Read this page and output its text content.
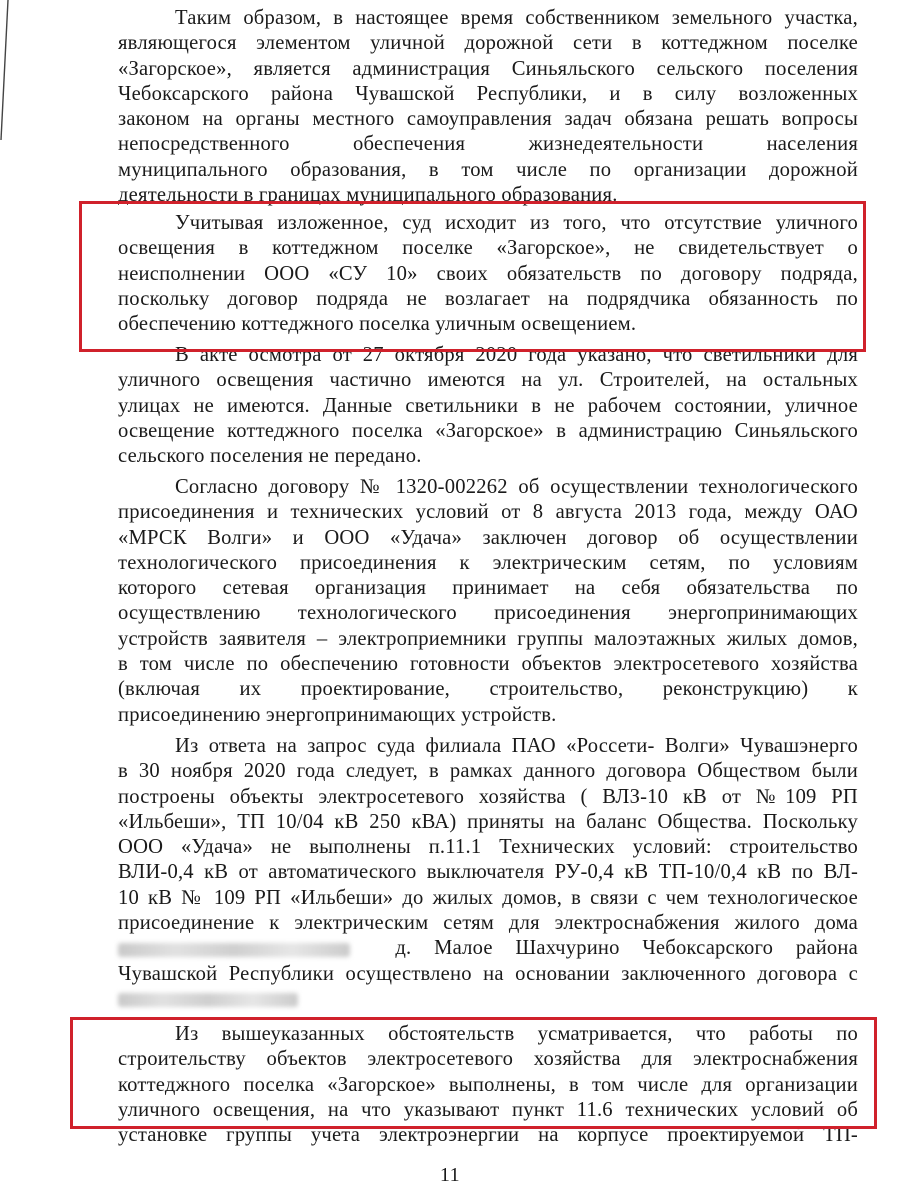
Таким образом, в настоящее время собственником земельного участка,
являющегося элементом уличной дорожной сети в коттеджном поселке
«Загорское», является администрация Синьяльского сельского поселения
Чебоксарского района Чувашской Республики, и в силу возложенных
законом на органы местного самоуправления задач обязана решать вопросы
непосредственного обеспечения жизнедеятельности населения
муниципального образования, в том числе по организации дорожной
деятельности в границах муниципального образования.
Учитывая изложенное, суд исходит из того, что отсутствие уличного
освещения в коттеджном поселке «Загорское», не свидетельствует о
неисполнении ООО «СУ 10» своих обязательств по договору подряда,
поскольку договор подряда не возлагает на подрядчика обязанность по
обеспечению коттеджного поселка уличным освещением.
В акте осмотра от 27 октября 2020 года указано, что светильники для
уличного освещения частично имеются на ул. Строителей, на остальных
улицах не имеются. Данные светильники в не рабочем состоянии, уличное
освещение коттеджного поселка «Загорское» в администрацию Синьяльского
сельского поселения не передано.
Согласно договору № 1320-002262 об осуществлении технологического
присоединения и технических условий от 8 августа 2013 года, между ОАО
«МРСК Волги» и ООО «Удача» заключен договор об осуществлении
технологического присоединения к электрическим сетям, по условиям
которого сетевая организация принимает на себя обязательства по
осуществлению технологического присоединения энергопринимающих
устройств заявителя – электроприемники группы малоэтажных жилых домов,
в том числе по обеспечению готовности объектов электросетевого хозяйства
(включая их проектирование, строительство, реконструкцию) к
присоединению энергопринимающих устройств.
Из ответа на запрос суда филиала ПАО «Россети- Волги» Чувашэнерго
в 30 ноября 2020 года следует, в рамках данного договора Обществом были
построены объекты электросетевого хозяйства ( ВЛЗ-10 кВ от №109 РП
«Ильбеши», ТП 10/04 кВ 250 кВА) приняты на баланс Общества. Поскольку
ООО «Удача» не выполнены п.11.1 Технических условий: строительство
ВЛИ-0,4 кВ от автоматического выключателя РУ-0,4 кВ ТП-10/0,4 кВ по ВЛ-
10 кВ № 109 РП «Ильбеши» до жилых домов, в связи с чем технологическое
присоединение к электрическим сетям для электроснабжения жилого дома
д. Малое Шахчурино Чебоксарского района
Чувашской Республики осуществлено на основании заключенного договора с
Из вышеуказанных обстоятельств усматривается, что работы по
строительству объектов электросетевого хозяйства для электроснабжения
коттеджного поселка «Загорское» выполнены, в том числе для организации
уличного освещения, на что указывают пункт 11.6 технических условий об
установке группы учета электроэнергии на корпусе проектируемой ТП-
11
